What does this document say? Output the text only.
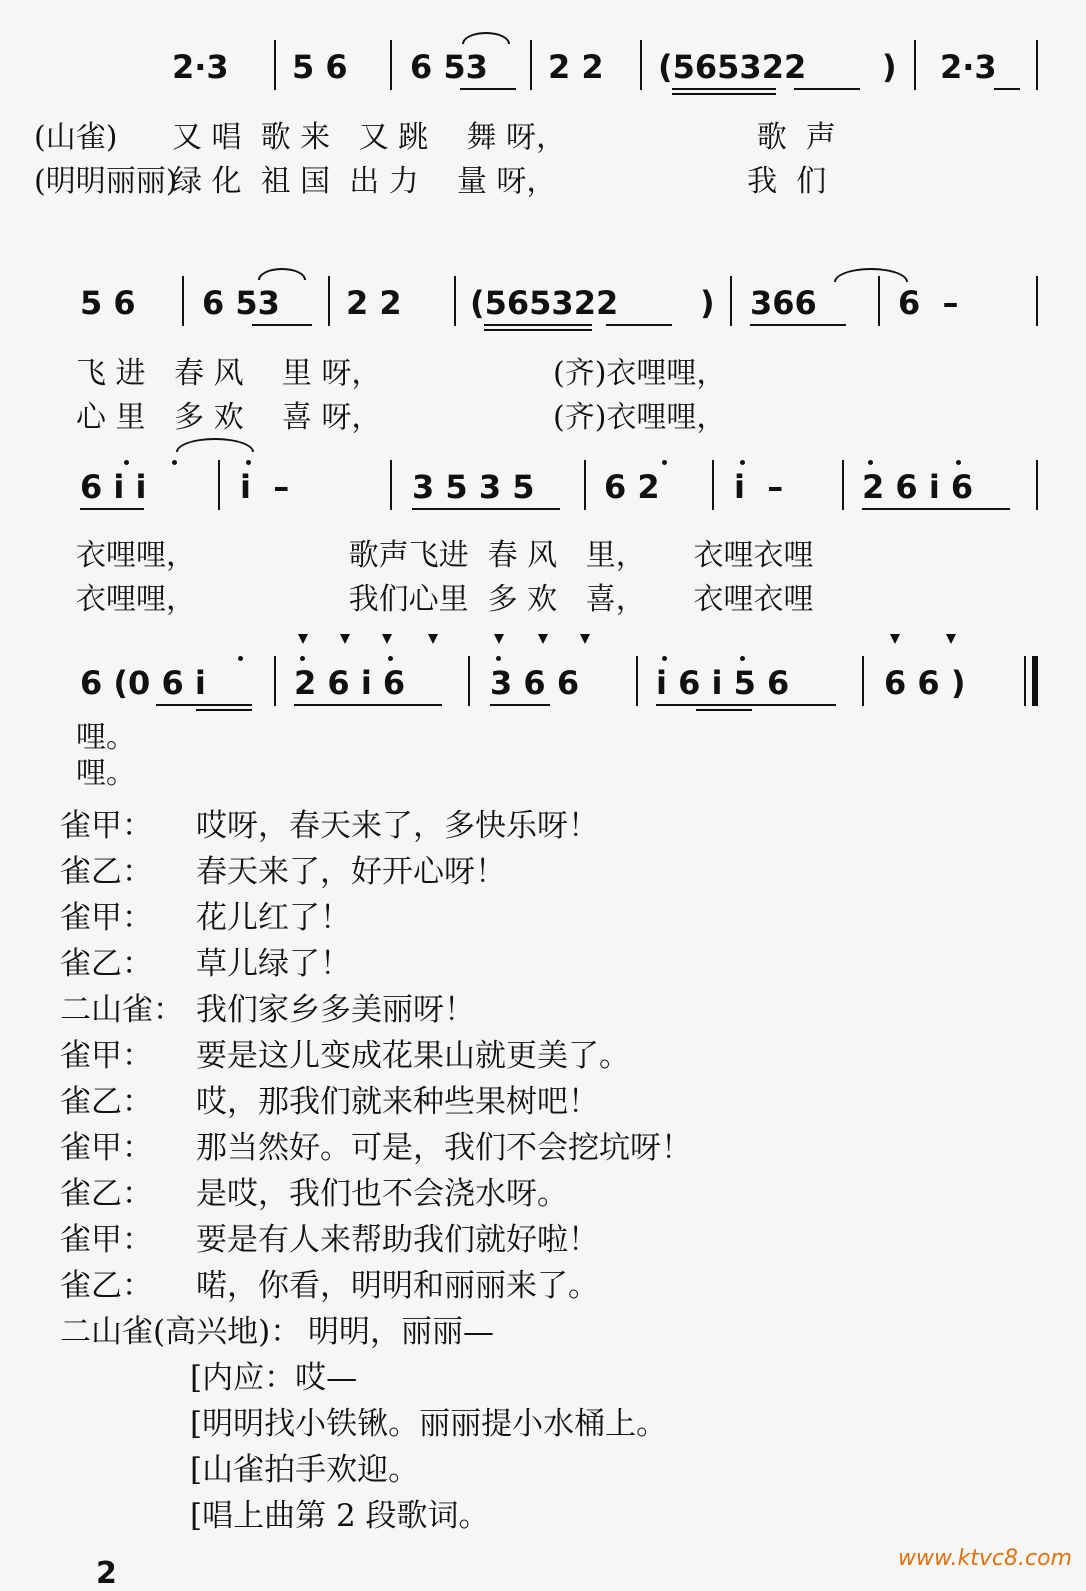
2·3 5 6 6 53 2 2 (565322 ) 2·3
(山雀) 又 唱  歌 来   又 跳    舞 呀，                    歌  声
(明明丽丽)
绿 化  祖 国  出 力    量 呀，                    我  们
5 6 6 53 2 2 (565322	) 366	6  –
飞 进   春 风    里 呀，                  (齐)衣哩哩，
心 里   多 欢    喜 呀，                  (齐)衣哩哩，
6 i i	i  –	3 5 3 5 6 2 i  – 2 6 i 6
衣哩哩，                歌声飞进  春 风   里，     衣哩衣哩
衣哩哩，                我们心里  多 欢   喜，     衣哩衣哩
6 (0 6 i	2 6 i 6	3 6 6 i 6 i 5 6	6 6 )
哩。
哩。
雀甲： 哎呀，春天来了，多快乐呀！
雀乙： 春天来了，好开心呀！
雀甲： 花儿红了！
雀乙： 草儿绿了！
二山雀： 我们家乡多美丽呀！
雀甲： 要是这儿变成花果山就更美了。
雀乙： 哎，那我们就来种些果树吧！
雀甲： 那当然好。可是，我们不会挖坑呀！
雀乙： 是哎，我们也不会浇水呀。
雀甲： 要是有人来帮助我们就好啦！
雀乙： 喏，你看，明明和丽丽来了。
二山雀(高兴地)： 明明，丽丽—
[内应：哎—
[明明找小铁锹。丽丽提小水桶上。
[山雀拍手欢迎。
[唱上曲第 2 段歌词。
2	www.ktvc8.com
